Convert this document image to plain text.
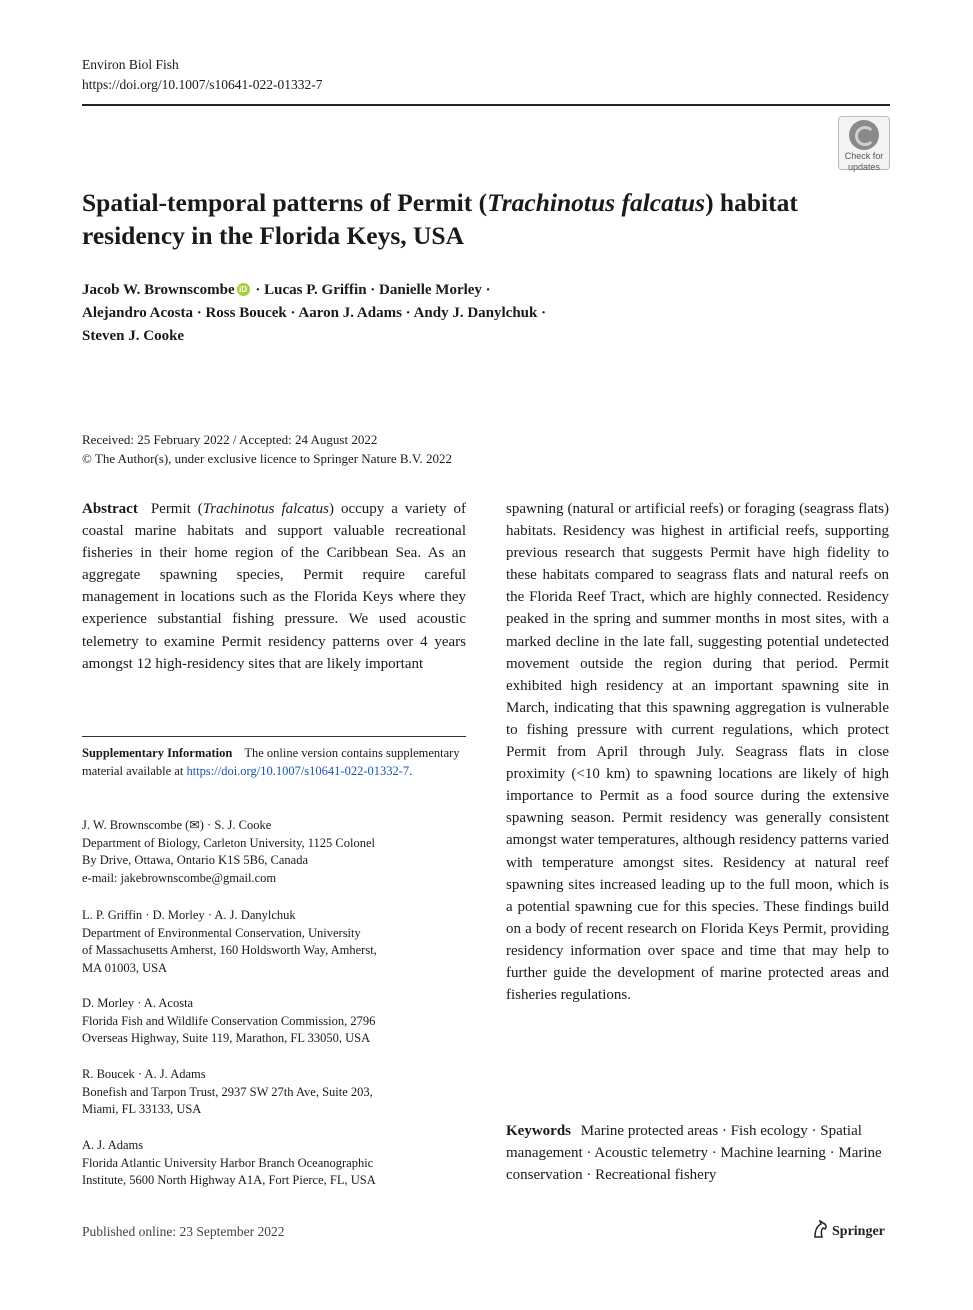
Environ Biol Fish
https://doi.org/10.1007/s10641-022-01332-7
Check for
updates
Spatial-temporal patterns of Permit (Trachinotus falcatus) habitat residency in the Florida Keys, USA
Jacob W. Brownscombe iD · Lucas P. Griffin · Danielle Morley ·
Alejandro Acosta · Ross Boucek · Aaron J. Adams · Andy J. Danylchuk ·
Steven J. Cooke
Received: 25 February 2022 / Accepted: 24 August 2022
© The Author(s), under exclusive licence to Springer Nature B.V. 2022
Abstract Permit (Trachinotus falcatus) occupy a variety of coastal marine habitats and support valuable recreational fisheries in their home region of the Caribbean Sea. As an aggregate spawning species, Permit require careful management in locations such as the Florida Keys where they experience substantial fishing pressure. We used acoustic telemetry to examine Permit residency patterns over 4 years amongst 12 high-residency sites that are likely important
spawning (natural or artificial reefs) or foraging (seagrass flats) habitats. Residency was highest in artificial reefs, supporting previous research that suggests Permit have high fidelity to these habitats compared to seagrass flats and natural reefs on the Florida Reef Tract, which are highly connected. Residency peaked in the spring and summer months in most sites, with a marked decline in the late fall, suggesting potential undetected movement outside the region during that period. Permit exhibited high residency at an important spawning site in March, indicating that this spawning aggregation is vulnerable to fishing pressure with current regulations, which protect Permit from April through July. Seagrass flats in close proximity (<10 km) to spawning locations are likely of high importance to Permit as a food source during the extensive spawning season. Permit residency was generally consistent amongst water temperatures, although residency patterns varied with temperature amongst sites. Residency at natural reef spawning sites increased leading up to the full moon, which is a potential spawning cue for this species. These findings build on a body of recent research on Florida Keys Permit, providing residency information over space and time that may help to further guide the development of marine protected areas and fisheries regulations.
Keywords Marine protected areas · Fish ecology · Spatial management · Acoustic telemetry · Machine learning · Marine conservation · Recreational fishery
Supplementary Information The online version contains supplementary material available at https://doi.org/10.1007/s10641-022-01332-7.
J. W. Brownscombe (✉) · S. J. Cooke
Department of Biology, Carleton University, 1125 Colonel
By Drive, Ottawa, Ontario K1S 5B6, Canada
e-mail: jakebrownscombe@gmail.com
L. P. Griffin · D. Morley · A. J. Danylchuk
Department of Environmental Conservation, University
of Massachusetts Amherst, 160 Holdsworth Way, Amherst,
MA 01003, USA
D. Morley · A. Acosta
Florida Fish and Wildlife Conservation Commission, 2796
Overseas Highway, Suite 119, Marathon, FL 33050, USA
R. Boucek · A. J. Adams
Bonefish and Tarpon Trust, 2937 SW 27th Ave, Suite 203,
Miami, FL 33133, USA
A. J. Adams
Florida Atlantic University Harbor Branch Oceanographic
Institute, 5600 North Highway A1A, Fort Pierce, FL, USA
Published online: 23 September 2022	Springer
